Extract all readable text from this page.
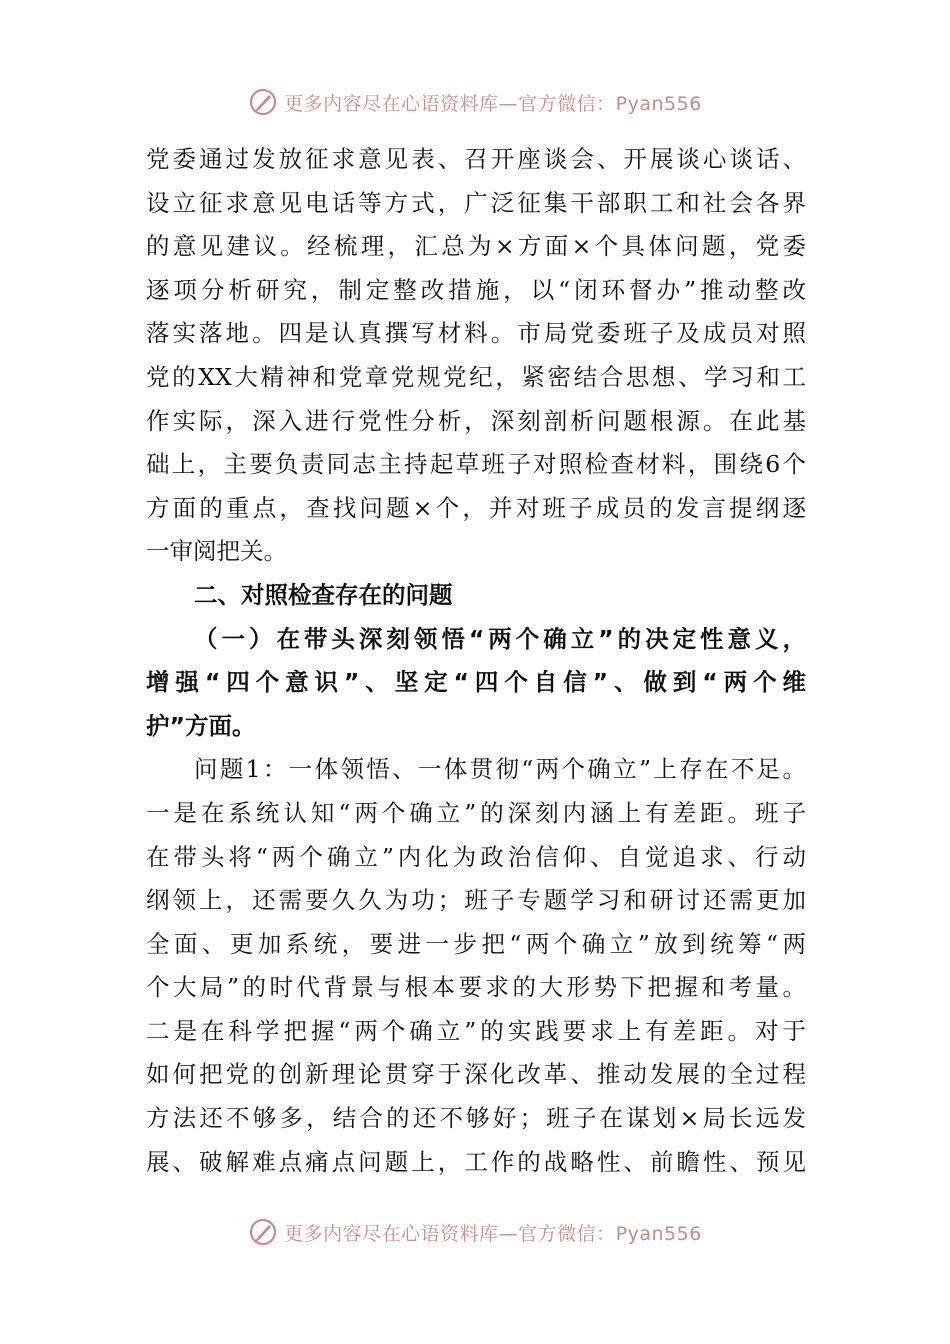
更多内容尽在心语资料库—官方微信：Pyan556
党委通过发放征求意见表、召开座谈会、开展谈心谈话、
设立征求意见电话等方式，广泛征集干部职工和社会各界
的意见建议。经梳理，汇总为×方面×个具体问题，党委
逐项分析研究，制定整改措施，以“闭环督办”推动整改
落实落地。四是认真撰写材料。市局党委班子及成员对照
党的XX大精神和党章党规党纪，紧密结合思想、学习和工
作实际，深入进行党性分析，深刻剖析问题根源。在此基
础上，主要负责同志主持起草班子对照检查材料，围绕6个
方面的重点，查找问题×个，并对班子成员的发言提纲逐
一审阅把关。
二、对照检查存在的问题
（一）在带头深刻领悟“两个确立”的决定性意义，
增强“四个意识”、坚定“四个自信”、做到“两个维
护”方面。
问题1：一体领悟、一体贯彻“两个确立”上存在不足。
一是在系统认知“两个确立”的深刻内涵上有差距。班子
在带头将“两个确立”内化为政治信仰、自觉追求、行动
纲领上，还需要久久为功；班子专题学习和研讨还需更加
全面、更加系统，要进一步把“两个确立”放到统筹“两
个大局”的时代背景与根本要求的大形势下把握和考量。
二是在科学把握“两个确立”的实践要求上有差距。对于
如何把党的创新理论贯穿于深化改革、推动发展的全过程
方法还不够多，结合的还不够好；班子在谋划×局长远发
展、破解难点痛点问题上，工作的战略性、前瞻性、预见
更多内容尽在心语资料库—官方微信：Pyan556
